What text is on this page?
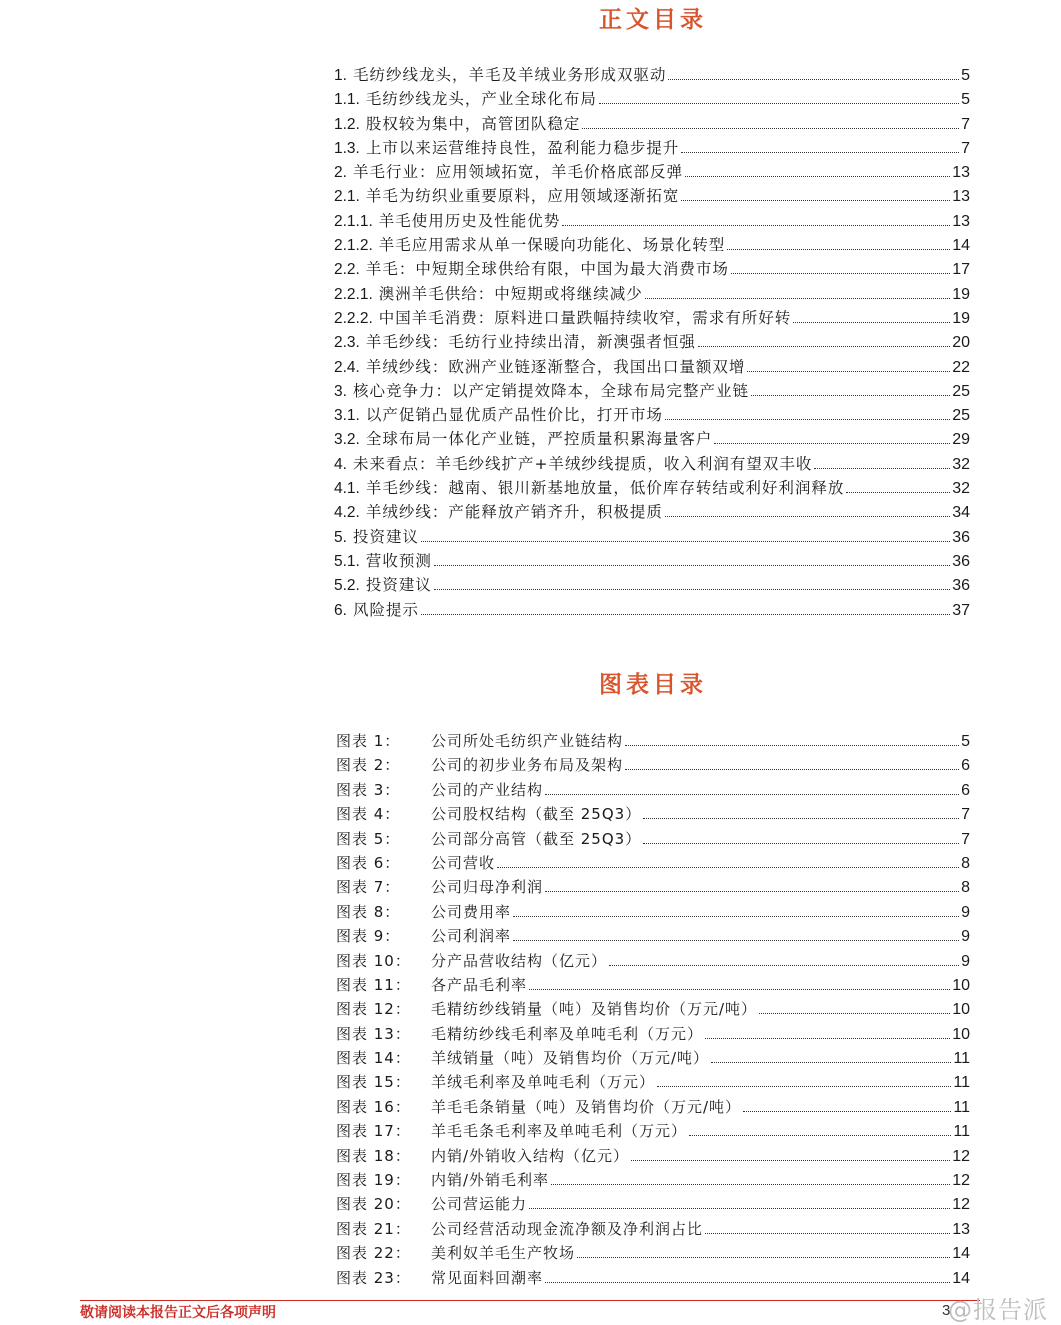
正文目录
1. 毛纺纱线龙头，羊毛及羊绒业务形成双驱动	5
1.1. 毛纺纱线龙头，产业全球化布局	5
1.2. 股权较为集中，高管团队稳定	7
1.3. 上市以来运营维持良性，盈利能力稳步提升	7
2. 羊毛行业：应用领域拓宽，羊毛价格底部反弹	13
2.1. 羊毛为纺织业重要原料，应用领域逐渐拓宽	13
2.1.1. 羊毛使用历史及性能优势	13
2.1.2. 羊毛应用需求从单一保暖向功能化、场景化转型	14
2.2. 羊毛：中短期全球供给有限，中国为最大消费市场	17
2.2.1. 澳洲羊毛供给：中短期或将继续减少	19
2.2.2. 中国羊毛消费：原料进口量跌幅持续收窄，需求有所好转	19
2.3. 羊毛纱线：毛纺行业持续出清，新澳强者恒强	20
2.4. 羊绒纱线：欧洲产业链逐渐整合，我国出口量额双增	22
3. 核心竞争力：以产定销提效降本，全球布局完整产业链	25
3.1. 以产促销凸显优质产品性价比，打开市场	25
3.2. 全球布局一体化产业链，严控质量积累海量客户	29
4. 未来看点：羊毛纱线扩产+羊绒纱线提质，收入利润有望双丰收	32
4.1. 羊毛纱线：越南、银川新基地放量，低价库存转结或利好利润释放	32
4.2. 羊绒纱线：产能释放产销齐升，积极提质	34
5. 投资建议	36
5.1. 营收预测	36
5.2. 投资建议	36
6. 风险提示	37
图表目录
图表 1：	公司所处毛纺织产业链结构	5
图表 2：	公司的初步业务布局及架构	6
图表 3：	公司的产业结构	6
图表 4：	公司股权结构（截至 25Q3）	7
图表 5：	公司部分高管（截至 25Q3）	7
图表 6：	公司营收	8
图表 7：	公司归母净利润	8
图表 8：	公司费用率	9
图表 9：	公司利润率	9
图表 10：	分产品营收结构（亿元）	9
图表 11：	各产品毛利率	10
图表 12：	毛精纺纱线销量（吨）及销售均价（万元/吨）	10
图表 13：	毛精纺纱线毛利率及单吨毛利（万元）	10
图表 14：	羊绒销量（吨）及销售均价（万元/吨）	11
图表 15：	羊绒毛利率及单吨毛利（万元）	11
图表 16：	羊毛毛条销量（吨）及销售均价（万元/吨）	11
图表 17：	羊毛毛条毛利率及单吨毛利（万元）	11
图表 18：	内销/外销收入结构（亿元）	12
图表 19：	内销/外销毛利率	12
图表 20：	公司营运能力	12
图表 21：	公司经营活动现金流净额及净利润占比	13
图表 22：	美利奴羊毛生产牧场	14
图表 23：	常见面料回潮率	14
敬请阅读本报告正文后各项声明	3
@报告派
